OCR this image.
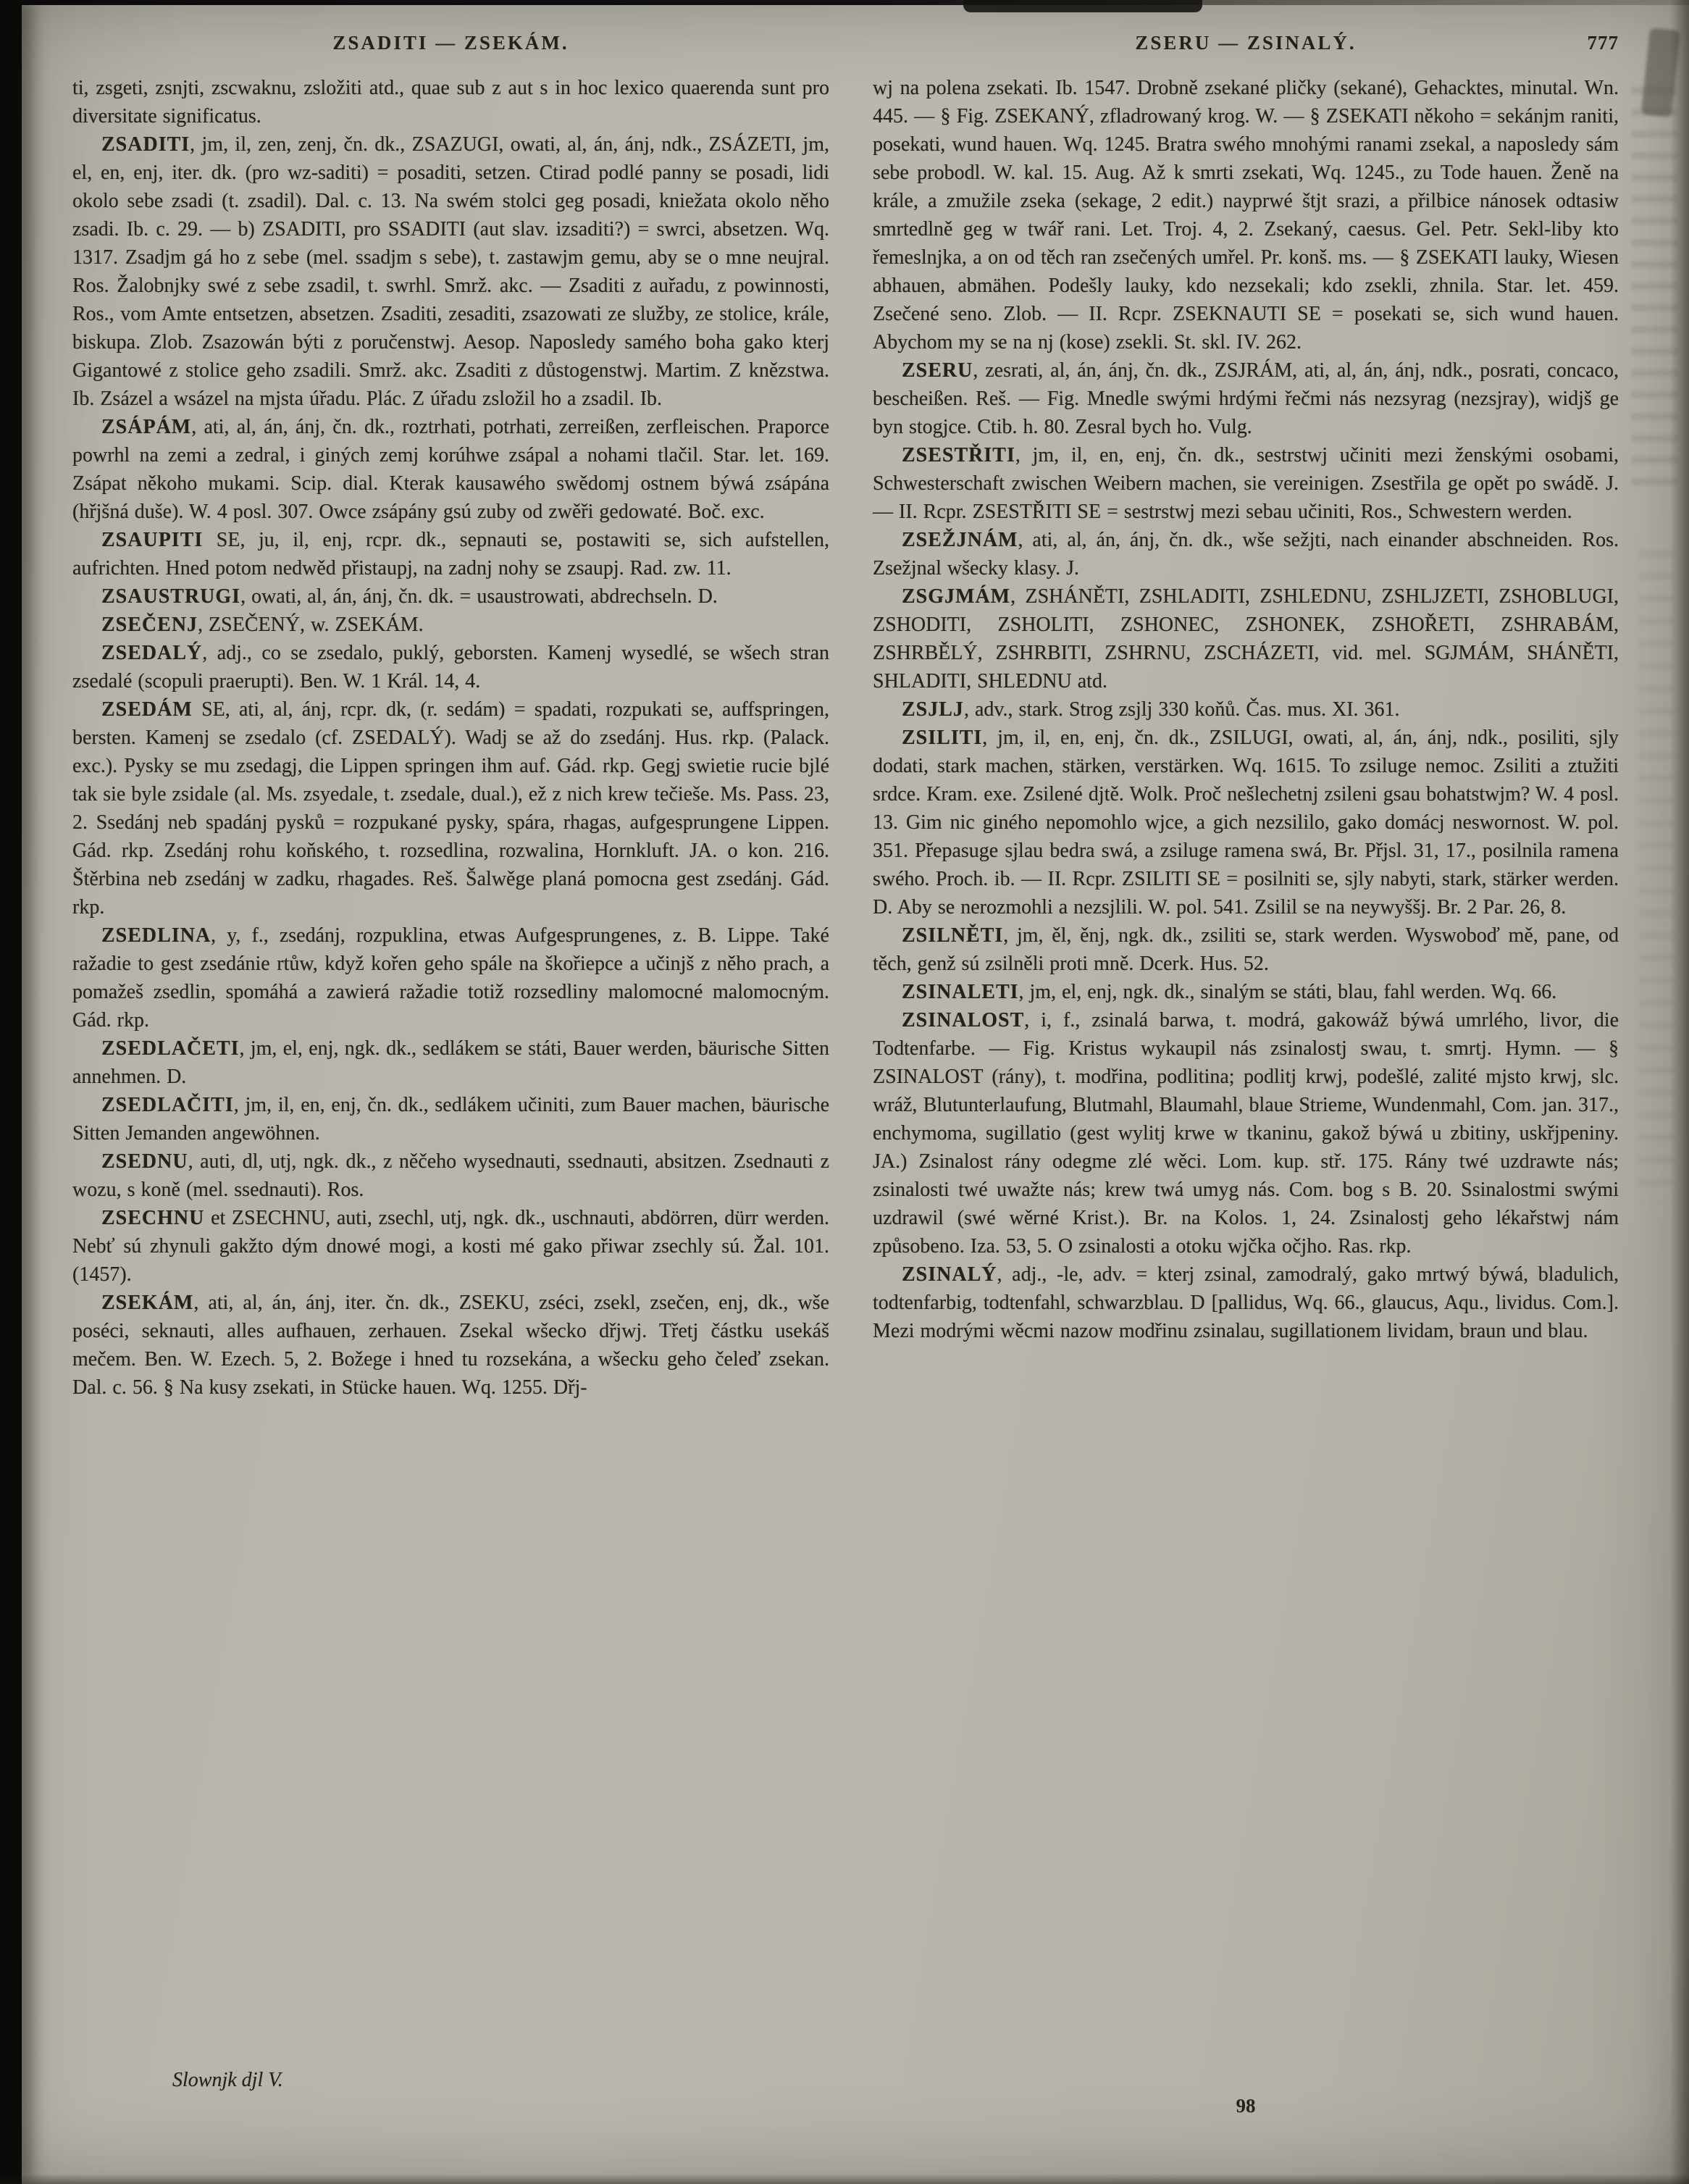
ZSADITI — ZSEKÁM.	ZSERU — ZSINALÝ.	777

ti, zsgeti, zsnjti, zscwaknu, zsložiti atd., quae sub z aut s in hoc lexico quaerenda sunt pro diversitate significatus.

ZSADITI, jm, il, zen, zenj, čn. dk., ZSAZUGI, owati, al, án, ánj, ndk., ZSÁZETI, jm, el, en, enj, iter. dk. (pro wz-saditi) = posaditi, setzen. Ctirad podlé panny se posadi, lidi okolo sebe zsadi (t. zsadil). Dal. c. 13. Na swém stolci geg posadi, kniežata okolo něho zsadi. Ib. c. 29. — b) ZSADITI, pro SSADITI (aut slav. izsaditi?) = swrci, absetzen. Wq. 1317. Zsadjm gá ho z sebe (mel. ssadjm s sebe), t. zastawjm gemu, aby se o mne neujral. Ros. Žalobnjky swé z sebe zsadil, t. swrhl. Smrž. akc. — Zsaditi z auřadu, z powinnosti, Ros., vom Amte entsetzen, absetzen. Zsaditi, zesaditi, zsazowati ze služby, ze stolice, krále, biskupa. Zlob. Zsazowán býti z poručenstwj. Aesop. Naposledy samého boha gako kterj Gigantowé z stolice geho zsadili. Smrž. akc. Zsaditi z důstogenstwj. Martim. Z knězstwa. Ib. Zsázel a wsázel na mjsta úřadu. Plác. Z úřadu zsložil ho a zsadil. Ib.

ZSÁPÁM, ati, al, án, ánj, čn. dk., roztrhati, potrhati, zerreißen, zerfleischen. Praporce powrhl na zemi a zedral, i giných zemj korúhwe zsápal a nohami tlačil. Star. let. 169. Zsápat někoho mukami. Scip. dial. Kterak kausawého swědomj ostnem býwá zsápána (hřjšná duše). W. 4 posl. 307. Owce zsápány gsú zuby od zwěři gedowaté. Boč. exc.

ZSAUPITI SE, ju, il, enj, rcpr. dk., sepnauti se, postawiti se, sich aufstellen, aufrichten. Hned potom nedwěd přistaupj, na zadnj nohy se zsaupj. Rad. zw. 11.

ZSAUSTRUGI, owati, al, án, ánj, čn. dk. = usaustrowati, abdrechseln. D.

ZSEČENJ, ZSEČENÝ, w. ZSEKÁM.

ZSEDALÝ, adj., co se zsedalo, puklý, geborsten. Kamenj wysedlé, se wšech stran zsedalé (scopuli praerupti). Ben. W. 1 Král. 14, 4.

ZSEDÁM SE, ati, al, ánj, rcpr. dk, (r. sedám) = spadati, rozpukati se, auffspringen, bersten. Kamenj se zsedalo (cf. ZSEDALÝ). Wadj se až do zsedánj. Hus. rkp. (Palack. exc.). Pysky se mu zsedagj, die Lippen springen ihm auf. Gád. rkp. Gegj swietie rucie bjlé tak sie byle zsidale (al. Ms. zsyedale, t. zsedale, dual.), ež z nich krew tečieše. Ms. Pass. 23, 2. Ssedánj neb spadánj pysků = rozpukané pysky, spára, rhagas, aufgesprungene Lippen. Gád. rkp. Zsedánj rohu koňského, t. rozsedlina, rozwalina, Hornkluft. JA. o kon. 216. Štěrbina neb zsedánj w zadku, rhagades. Reš. Šalwěge planá pomocna gest zsedánj. Gád. rkp.

ZSEDLINA, y, f., zsedánj, rozpuklina, etwas Aufgesprungenes, z. B. Lippe. Také ražadie to gest zsedánie rtůw, když kořen geho spále na škořiepce a učinjš z něho prach, a pomažeš zsedlin, spomáhá a zawierá ražadie totiž rozsedliny malomocné malomocným. Gád. rkp.

ZSEDLAČETI, jm, el, enj, ngk. dk., sedlákem se státi, Bauer werden, bäurische Sitten annehmen. D.

ZSEDLAČITI, jm, il, en, enj, čn. dk., sedlákem učiniti, zum Bauer machen, bäurische Sitten Jemanden angewöhnen.

ZSEDNU, auti, dl, utj, ngk. dk., z něčeho wysednauti, ssednauti, absitzen. Zsednauti z wozu, s koně (mel. ssednauti). Ros.

ZSECHNU et ZSECHNU, auti, zsechl, utj, ngk. dk., uschnauti, abdörren, dürr werden. Nebť sú zhynuli gakžto dým dnowé mogi, a kosti mé gako přiwar zsechly sú. Žal. 101. (1457).

ZSEKÁM, ati, al, án, ánj, iter. čn. dk., ZSEKU, zséci, zsekl, zsečen, enj, dk., wše poséci, seknauti, alles aufhauen, zerhauen. Zsekal wšecko dřjwj. Třetj částku usekáš mečem. Ben. W. Ezech. 5, 2. Božege i hned tu rozsekána, a wšecku geho čeleď zsekan. Dal. c. 56. § Na kusy zsekati, in Stücke hauen. Wq. 1255. Dřj-

wj na polena zsekati. Ib. 1547. Drobně zsekané pličky (sekané), Gehacktes, minutal. Wn. 445. — § Fig. ZSEKANÝ, zfladrowaný krog. W. — § ZSEKATI někoho = sekánjm raniti, posekati, wund hauen. Wq. 1245. Bratra swého mnohými ranami zsekal, a naposledy sám sebe probodl. W. kal. 15. Aug. Až k smrti zsekati, Wq. 1245., zu Tode hauen. Ženě na krále, a zmužile zseka (sekage, 2 edit.) nayprwé štjt srazi, a přilbice nánosek odtasiw smrtedlně geg w twář rani. Let. Troj. 4, 2. Zsekaný, caesus. Gel. Petr. Sekl-liby kto řemeslnjka, a on od těch ran zsečených umřel. Pr. konš. ms. — § ZSEKATI lauky, Wiesen abhauen, abmähen. Podešly lauky, kdo nezsekali; kdo zsekli, zhnila. Star. let. 459. Zsečené seno. Zlob. — II. Rcpr. ZSEKNAUTI SE = posekati se, sich wund hauen. Abychom my se na nj (kose) zsekli. St. skl. IV. 262.

ZSERU, zesrati, al, án, ánj, čn. dk., ZSJRÁM, ati, al, án, ánj, ndk., posrati, concaco, bescheißen. Reš. — Fig. Mnedle swými hrdými řečmi nás nezsyrag (nezsjray), widjš ge byn stogjce. Ctib. h. 80. Zesral bych ho. Vulg.

ZSESTŘITI, jm, il, en, enj, čn. dk., sestrstwj učiniti mezi ženskými osobami, Schwesterschaft zwischen Weibern machen, sie vereinigen. Zsestřila ge opět po swádě. J. — II. Rcpr. ZSESTŘITI SE = sestrstwj mezi sebau učiniti, Ros., Schwestern werden.

ZSEŽJNÁM, ati, al, án, ánj, čn. dk., wše sežjti, nach einander abschneiden. Ros. Zsežjnal wšecky klasy. J.

ZSGJMÁM, ZSHÁNĚTI, ZSHLADITI, ZSHLEDNU, ZSHLJZETI, ZSHOBLUGI, ZSHODITI, ZSHOLITI, ZSHONEC, ZSHONEK, ZSHOŘETI, ZSHRABÁM, ZSHRBĚLÝ, ZSHRBITI, ZSHRNU, ZSCHÁZETI, vid. mel. SGJMÁM, SHÁNĚTI, SHLADITI, SHLEDNU atd.

ZSJLJ, adv., stark. Strog zsjlj 330 koňů. Čas. mus. XI. 361.

ZSILITI, jm, il, en, enj, čn. dk., ZSILUGI, owati, al, án, ánj, ndk., posiliti, sjly dodati, stark machen, stärken, verstärken. Wq. 1615. To zsiluge nemoc. Zsiliti a ztužiti srdce. Kram. exe. Zsilené djtě. Wolk. Proč nešlechetnj zsileni gsau bohatstwjm? W. 4 posl. 13. Gim nic giného nepomohlo wjce, a gich nezsililo, gako domácj neswornost. W. pol. 351. Přepasuge sjlau bedra swá, a zsiluge ramena swá, Br. Přjsl. 31, 17., posilnila ramena swého. Proch. ib. — II. Rcpr. ZSILITI SE = posilniti se, sjly nabyti, stark, stärker werden. D. Aby se nerozmohli a nezsjlili. W. pol. 541. Zsilil se na neywyššj. Br. 2 Par. 26, 8.

ZSILNĚTI, jm, ěl, ěnj, ngk. dk., zsiliti se, stark werden. Wyswoboď mě, pane, od těch, genž sú zsilněli proti mně. Dcerk. Hus. 52.

ZSINALETI, jm, el, enj, ngk. dk., sinalým se státi, blau, fahl werden. Wq. 66.

ZSINALOST, i, f., zsinalá barwa, t. modrá, gakowáž býwá umrlého, livor, die Todtenfarbe. — Fig. Kristus wykaupil nás zsinalostj swau, t. smrtj. Hymn. — § ZSINALOST (rány), t. modřina, podlitina; podlitj krwj, podešlé, zalité mjsto krwj, slc. wráž, Blutunterlaufung, Blutmahl, Blaumahl, blaue Strieme, Wundenmahl, Com. jan. 317., enchymoma, sugillatio (gest wylitj krwe w tkaninu, gakož býwá u zbitiny, uskřjpeniny. JA.) Zsinalost rány odegme zlé wěci. Lom. kup. stř. 175. Rány twé uzdrawte nás; zsinalosti twé uwažte nás; krew twá umyg nás. Com. bog s B. 20. Ssinalostmi swými uzdrawil (swé wěrné Krist.). Br. na Kolos. 1, 24. Zsinalostj geho lékařstwj nám způsobeno. Iza. 53, 5. O zsinalosti a otoku wjčka očjho. Ras. rkp.

ZSINALÝ, adj., -le, adv. = kterj zsinal, zamodralý, gako mrtwý býwá, bladulich, todtenfarbig, todtenfahl, schwarzblau. D [pallidus, Wq. 66., glaucus, Aqu., lividus. Com.]. Mezi modrými wěcmi nazow modřinu zsinalau, sugillationem lividam, braun und blau.

Slownjk djl V.
98
